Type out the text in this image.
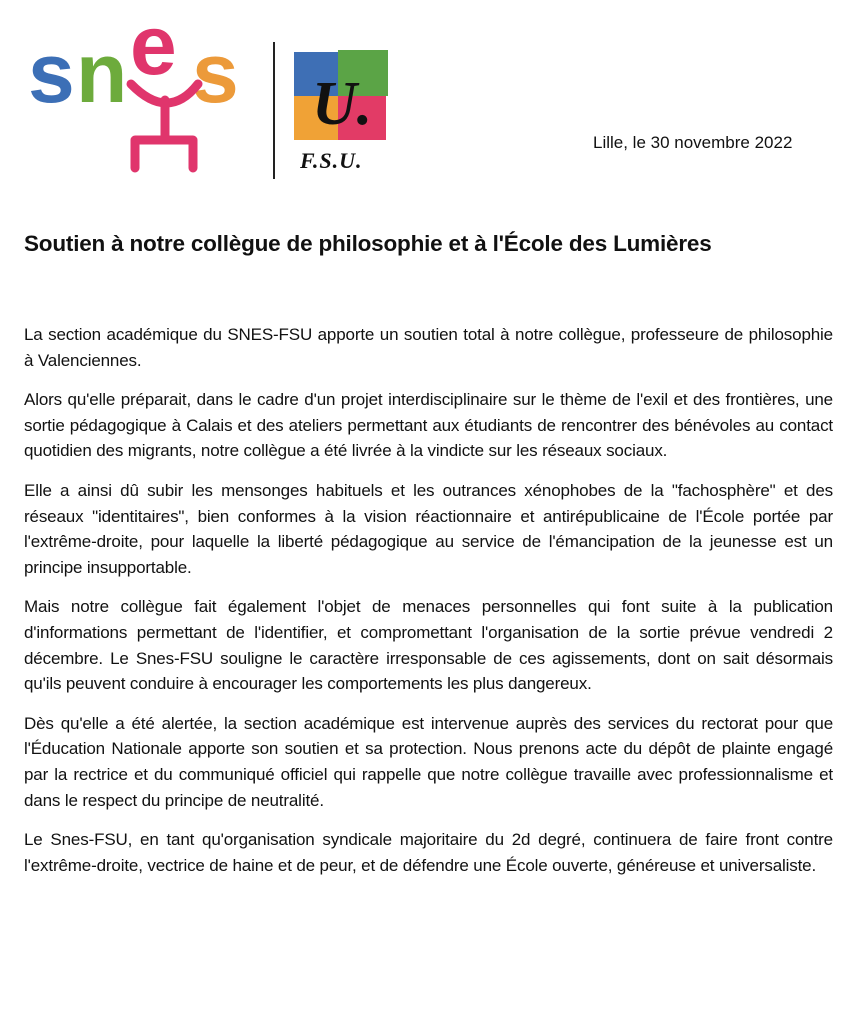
s n e s U.
F.S.U.
Lille, le 30 novembre 2022
Soutien à notre collègue de philosophie et à l'École des Lumières

La section académique du SNES-FSU apporte un soutien total à notre collègue, professeure de philosophie à Valenciennes.

Alors qu'elle préparait, dans le cadre d'un projet interdisciplinaire sur le thème de l'exil et des frontières, une sortie pédagogique à Calais et des ateliers permettant aux étudiants de rencontrer des bénévoles au contact quotidien des migrants, notre collègue a été livrée à la vindicte sur les réseaux sociaux.

Elle a ainsi dû subir les mensonges habituels et les outrances xénophobes de la "fachosphère" et des réseaux "identitaires", bien conformes à la vision réactionnaire et antirépublicaine de l'École portée par l'extrême-droite, pour laquelle la liberté pédagogique au service de l'émancipation de la jeunesse est un principe insupportable.

Mais notre collègue fait également l'objet de menaces personnelles qui font suite à la publication d'informations permettant de l'identifier, et compromettant l'organisation de la sortie prévue vendredi 2 décembre. Le Snes-FSU souligne le caractère irresponsable de ces agissements, dont on sait désormais qu'ils peuvent conduire à encourager les comportements les plus dangereux.

Dès qu'elle a été alertée, la section académique est intervenue auprès des services du rectorat pour que l'Éducation Nationale apporte son soutien et sa protection. Nous prenons acte du dépôt de plainte engagé par la rectrice et du communiqué officiel qui rappelle que notre collègue travaille avec professionnalisme et dans le respect du principe de neutralité.

Le Snes-FSU, en tant qu'organisation syndicale majoritaire du 2d degré, continuera de faire front contre l'extrême-droite, vectrice de haine et de peur, et de défendre une École ouverte, généreuse et universaliste.
